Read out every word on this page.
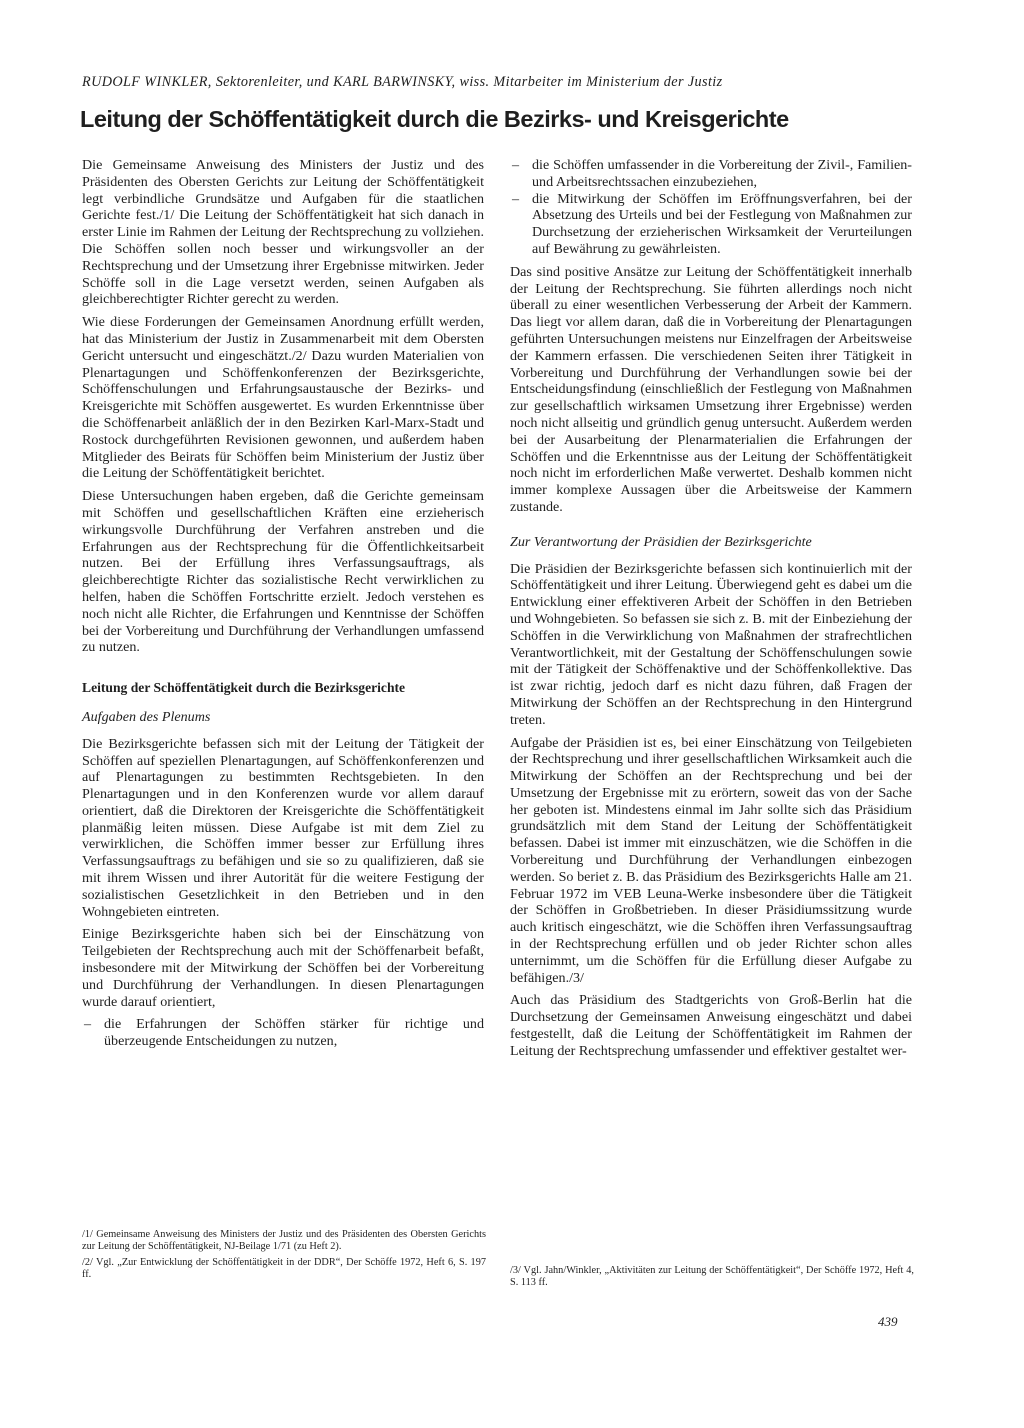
RUDOLF WINKLER, Sektorenleiter, und KARL BARWINSKY, wiss. Mitarbeiter im Ministerium der Justiz
Leitung der Schöffentätigkeit durch die Bezirks- und Kreisgerichte

Die Gemeinsame Anweisung des Ministers der Justiz und des Präsidenten des Obersten Gerichts zur Leitung der Schöffentätigkeit legt verbindliche Grundsätze und Aufgaben für die staatlichen Gerichte fest./1/ Die Leitung der Schöffentätigkeit hat sich danach in erster Linie im Rahmen der Leitung der Rechtsprechung zu vollziehen. Die Schöffen sollen noch besser und wirkungsvoller an der Rechtsprechung und der Umsetzung ihrer Ergebnisse mitwirken. Jeder Schöffe soll in die Lage versetzt werden, seinen Aufgaben als gleichberechtigter Richter gerecht zu werden.

Wie diese Forderungen der Gemeinsamen Anordnung erfüllt werden, hat das Ministerium der Justiz in Zusammenarbeit mit dem Obersten Gericht untersucht und eingeschätzt./2/ Dazu wurden Materialien von Plenartagungen und Schöffenkonferenzen der Bezirksgerichte, Schöffenschulungen und Erfahrungsaustausche der Bezirks- und Kreisgerichte mit Schöffen ausgewertet. Es wurden Erkenntnisse über die Schöffenarbeit anläßlich der in den Bezirken Karl-Marx-Stadt und Rostock durchgeführten Revisionen gewonnen, und außerdem haben Mitglieder des Beirats für Schöffen beim Ministerium der Justiz über die Leitung der Schöffentätigkeit berichtet.

Diese Untersuchungen haben ergeben, daß die Gerichte gemeinsam mit Schöffen und gesellschaftlichen Kräften eine erzieherisch wirkungsvolle Durchführung der Verfahren anstreben und die Erfahrungen aus der Rechtsprechung für die Öffentlichkeitsarbeit nutzen. Bei der Erfüllung ihres Verfassungsauftrags, als gleichberechtigte Richter das sozialistische Recht verwirklichen zu helfen, haben die Schöffen Fortschritte erzielt. Jedoch verstehen es noch nicht alle Richter, die Erfahrungen und Kenntnisse der Schöffen bei der Vorbereitung und Durchführung der Verhandlungen umfassend zu nutzen.

Leitung der Schöffentätigkeit durch die Bezirksgerichte
Aufgaben des Plenums

Die Bezirksgerichte befassen sich mit der Leitung der Tätigkeit der Schöffen auf speziellen Plenartagungen, auf Schöffenkonferenzen und auf Plenartagungen zu bestimmten Rechtsgebieten. In den Plenartagungen und in den Konferenzen wurde vor allem darauf orientiert, daß die Direktoren der Kreisgerichte die Schöffentätigkeit planmäßig leiten müssen. Diese Aufgabe ist mit dem Ziel zu verwirklichen, die Schöffen immer besser zur Erfüllung ihres Verfassungsauftrags zu befähigen und sie so zu qualifizieren, daß sie mit ihrem Wissen und ihrer Autorität für die weitere Festigung der sozialistischen Gesetzlichkeit in den Betrieben und in den Wohngebieten eintreten.

Einige Bezirksgerichte haben sich bei der Einschätzung von Teilgebieten der Rechtsprechung auch mit der Schöffenarbeit befaßt, insbesondere mit der Mitwirkung der Schöffen bei der Vorbereitung und Durchführung der Verhandlungen. In diesen Plenartagungen wurde darauf orientiert,

– die Erfahrungen der Schöffen stärker für richtige und überzeugende Entscheidungen zu nutzen,
– die Schöffen umfassender in die Vorbereitung der Zivil-, Familien- und Arbeitsrechtssachen einzubeziehen,
– die Mitwirkung der Schöffen im Eröffnungsverfahren, bei der Absetzung des Urteils und bei der Festlegung von Maßnahmen zur Durchsetzung der erzieherischen Wirksamkeit der Verurteilungen auf Bewährung zu gewährleisten.

Das sind positive Ansätze zur Leitung der Schöffentätigkeit innerhalb der Leitung der Rechtsprechung. Sie führten allerdings noch nicht überall zu einer wesentlichen Verbesserung der Arbeit der Kammern. Das liegt vor allem daran, daß die in Vorbereitung der Plenartagungen geführten Untersuchungen meistens nur Einzelfragen der Arbeitsweise der Kammern erfassen. Die verschiedenen Seiten ihrer Tätigkeit in Vorbereitung und Durchführung der Verhandlungen sowie bei der Entscheidungsfindung (einschließlich der Festlegung von Maßnahmen zur gesellschaftlich wirksamen Umsetzung ihrer Ergebnisse) werden noch nicht allseitig und gründlich genug untersucht. Außerdem werden bei der Ausarbeitung der Plenarmaterialien die Erfahrungen der Schöffen und die Erkenntnisse aus der Leitung der Schöffentätigkeit noch nicht im erforderlichen Maße verwertet. Deshalb kommen nicht immer komplexe Aussagen über die Arbeitsweise der Kammern zustande.

Zur Verantwortung der Präsidien der Bezirksgerichte

Die Präsidien der Bezirksgerichte befassen sich kontinuierlich mit der Schöffentätigkeit und ihrer Leitung. Überwiegend geht es dabei um die Entwicklung einer effektiveren Arbeit der Schöffen in den Betrieben und Wohngebieten. So befassen sie sich z. B. mit der Einbeziehung der Schöffen in die Verwirklichung von Maßnahmen der strafrechtlichen Verantwortlichkeit, mit der Gestaltung der Schöffenschulungen sowie mit der Tätigkeit der Schöffenaktive und der Schöffenkollektive. Das ist zwar richtig, jedoch darf es nicht dazu führen, daß Fragen der Mitwirkung der Schöffen an der Rechtsprechung in den Hintergrund treten.

Aufgabe der Präsidien ist es, bei einer Einschätzung von Teilgebieten der Rechtsprechung und ihrer gesellschaftlichen Wirksamkeit auch die Mitwirkung der Schöffen an der Rechtsprechung und bei der Umsetzung der Ergebnisse mit zu erörtern, soweit das von der Sache her geboten ist. Mindestens einmal im Jahr sollte sich das Präsidium grundsätzlich mit dem Stand der Leitung der Schöffentätigkeit befassen. Dabei ist immer mit einzuschätzen, wie die Schöffen in die Vorbereitung und Durchführung der Verhandlungen einbezogen werden. So beriet z. B. das Präsidium des Bezirksgerichts Halle am 21. Februar 1972 im VEB Leuna-Werke insbesondere über die Tätigkeit der Schöffen in Großbetrieben. In dieser Präsidiumssitzung wurde auch kritisch eingeschätzt, wie die Schöffen ihren Verfassungsauftrag in der Rechtsprechung erfüllen und ob jeder Richter schon alles unternimmt, um die Schöffen für die Erfüllung dieser Aufgabe zu befähigen./3/

Auch das Präsidium des Stadtgerichts von Groß-Berlin hat die Durchsetzung der Gemeinsamen Anweisung eingeschätzt und dabei festgestellt, daß die Leitung der Schöffentätigkeit im Rahmen der Leitung der Rechtsprechung umfassender und effektiver gestaltet wer-

/1/ Gemeinsame Anweisung des Ministers der Justiz und des Präsidenten des Obersten Gerichts zur Leitung der Schöffentätigkeit, NJ-Beilage 1/71 (zu Heft 2).

/2/ Vgl. „Zur Entwicklung der Schöffentätigkeit in der DDR“, Der Schöffe 1972, Heft 6, S. 197 ff.	/3/ Vgl. Jahn/Winkler, „Aktivitäten zur Leitung der Schöffentätigkeit“, Der Schöffe 1972, Heft 4, S. 113 ff.

439
